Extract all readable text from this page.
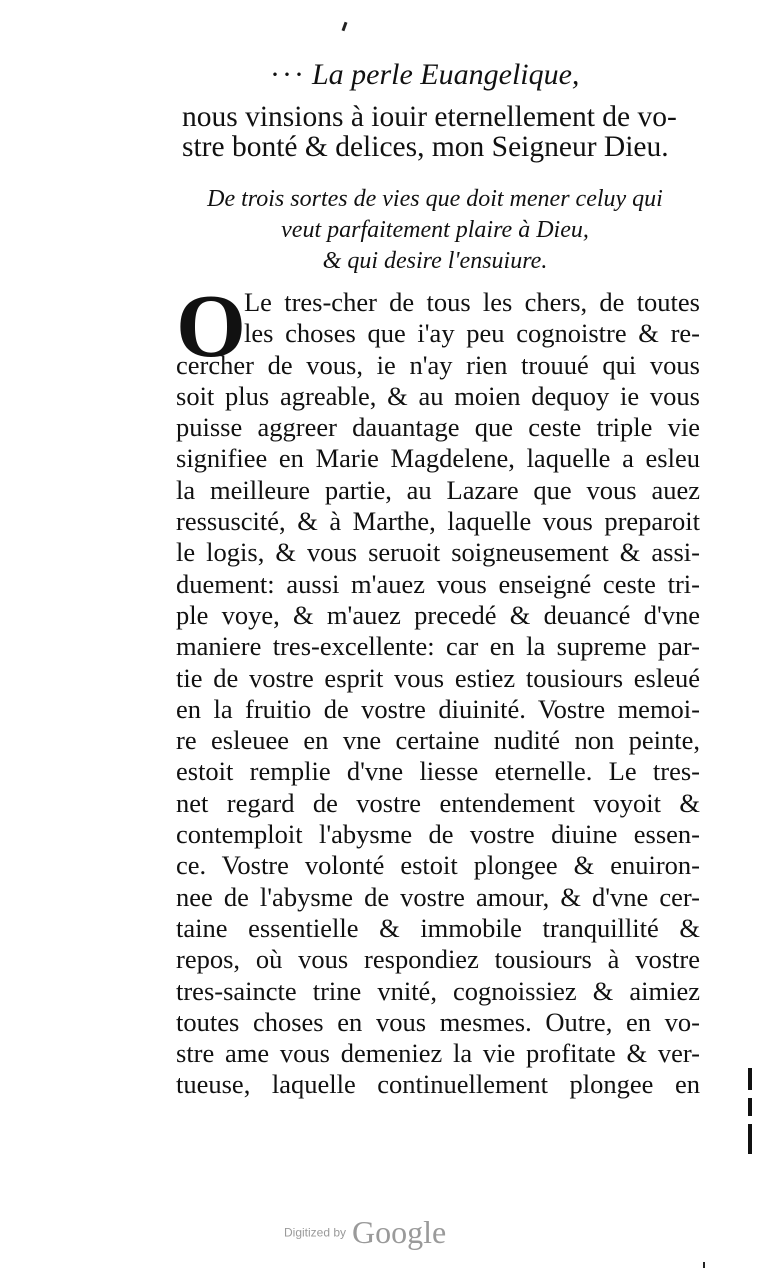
··· La perle Euangelique,
nous vinsions à iouir eternellement de vo-
stre bonté & delices, mon Seigneur Dieu.
De trois sortes de vies que doit mener celuy qui
veut parfaitement plaire à Dieu,
& qui desire l'ensuiure.
O
Le tres-cher de tous les chers, de toutes
les choses que i'ay peu cognoistre & re-
cercher de vous, ie n'ay rien trouué qui vous
soit plus agreable, & au moien dequoy ie vous
puisse aggreer dauantage que ceste triple vie
signifiee en Marie Magdelene, laquelle a esleu
la meilleure partie, au Lazare que vous auez
ressuscité, & à Marthe, laquelle vous preparoit
le logis, & vous seruoit soigneusement & assi-
duement: aussi m'auez vous enseigné ceste tri-
ple voye, & m'auez precedé & deuancé d'vne
maniere tres-excellente: car en la supreme par-
tie de vostre esprit vous estiez tousiours esleué
en la fruitio de vostre diuinité. Vostre memoi-
re esleuee en vne certaine nudité non peinte,
estoit remplie d'vne liesse eternelle. Le tres-
net regard de vostre entendement voyoit &
contemploit l'abysme de vostre diuine essen-
ce. Vostre volonté estoit plongee & enuiron-
nee de l'abysme de vostre amour, & d'vne cer-
taine essentielle & immobile tranquillité &
repos, où vous respondiez tousiours à vostre
tres-saincte trine vnité, cognoissiez & aimiez
toutes choses en vous mesmes. Outre, en vo-
stre ame vous demeniez la vie profitate & ver-
tueuse, laquelle continuellement plongee en
Digitized by Google
